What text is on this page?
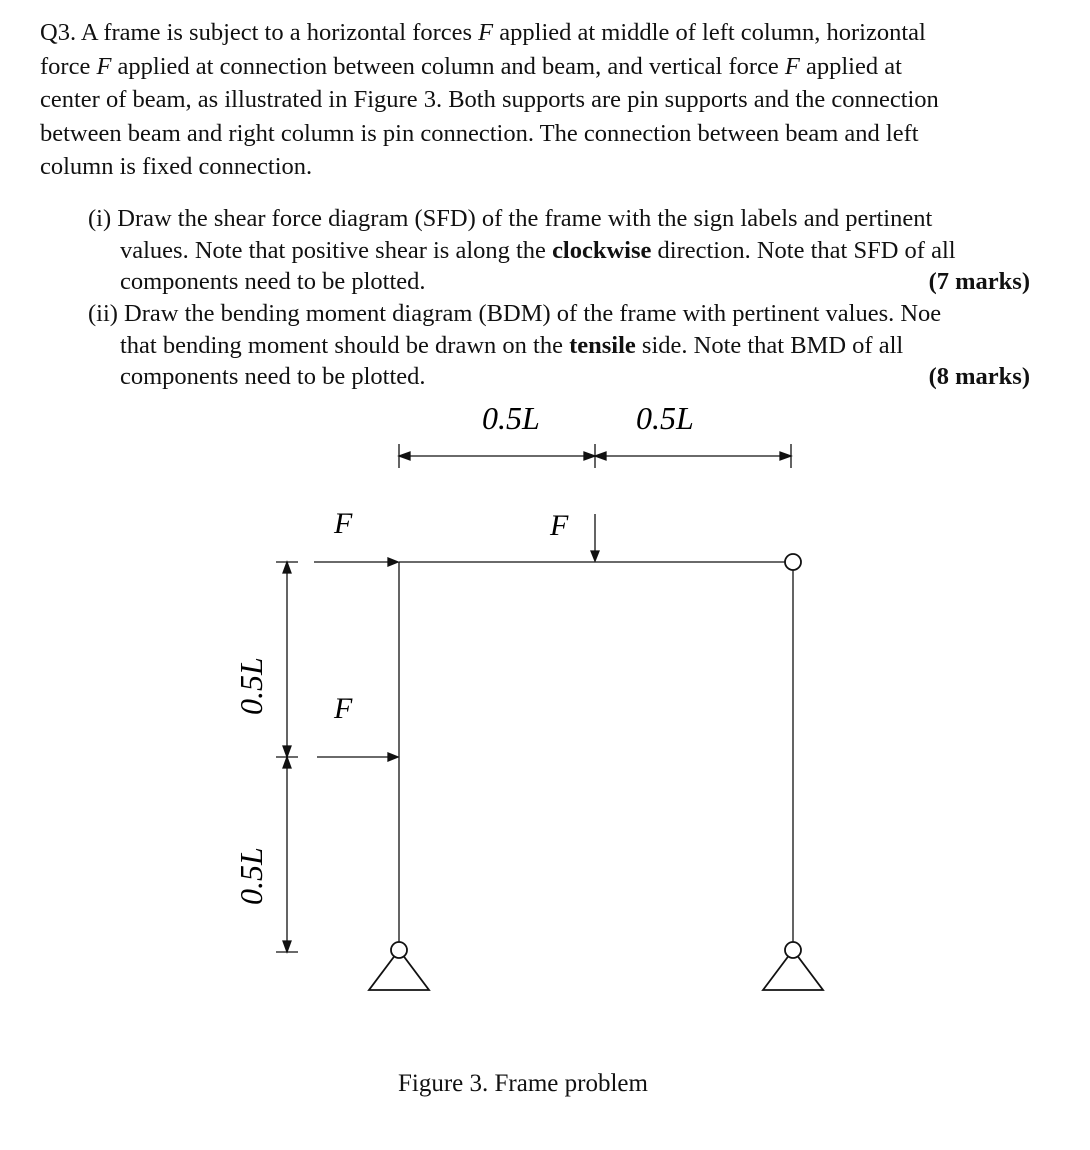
Q3. A frame is subject to a horizontal forces F applied at middle of left column, horizontal
force F applied at connection between column and beam, and vertical force F applied at
center of beam, as illustrated in Figure 3. Both supports are pin supports and the connection
between beam and right column is pin connection. The connection between beam and left
column is fixed connection.
(i) Draw the shear force diagram (SFD) of the frame with the sign labels and pertinent
values. Note that positive shear is along the clockwise direction. Note that SFD of all
components need to be plotted.	(7 marks)
(ii) Draw the bending moment diagram (BDM) of the frame with pertinent values. Noe
that bending moment should be drawn on the tensile side. Note that BMD of all
components need to be plotted.	(8 marks)
0.5L	0.5L
0.5L
0.5L
F
F
F
Figure 3. Frame problem
